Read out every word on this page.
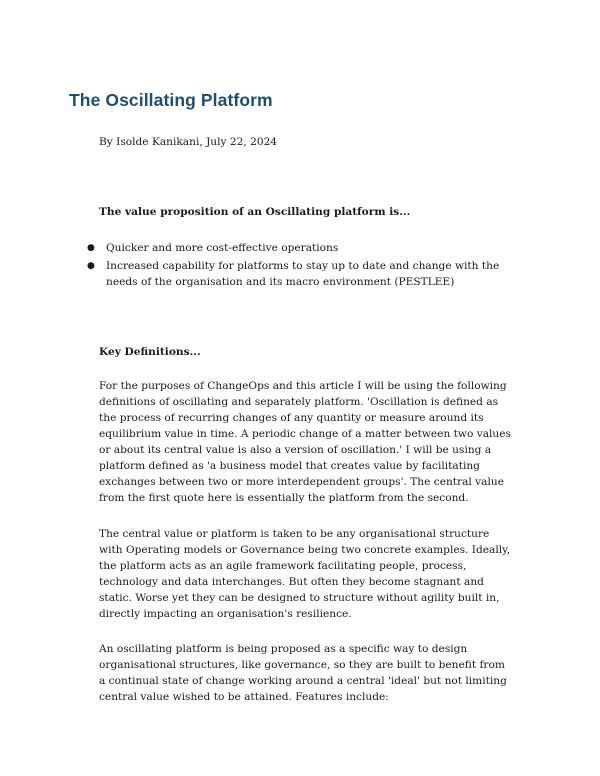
The Oscillating Platform

By Isolde Kanikani, July 22, 2024

The value proposition of an Oscillating platform is...

● Quicker and more cost-effective operations
● Increased capability for platforms to stay up to date and change with the needs of the organisation and its macro environment (PESTLEE)

Key Definitions...

For the purposes of ChangeOps and this article I will be using the following definitions of oscillating and separately platform. 'Oscillation is defined as the process of recurring changes of any quantity or measure around its equilibrium value in time. A periodic change of a matter between two values or about its central value is also a version of oscillation.' I will be using a platform defined as 'a business model that creates value by facilitating exchanges between two or more interdependent groups'. The central value from the first quote here is essentially the platform from the second.

The central value or platform is taken to be any organisational structure with Operating models or Governance being two concrete examples. Ideally, the platform acts as an agile framework facilitating people, process, technology and data interchanges. But often they become stagnant and static. Worse yet they can be designed to structure without agility built in, directly impacting an organisation's resilience.

An oscillating platform is being proposed as a specific way to design organisational structures, like governance, so they are built to benefit from a continual state of change working around a central 'ideal' but not limiting central value wished to be attained. Features include:
